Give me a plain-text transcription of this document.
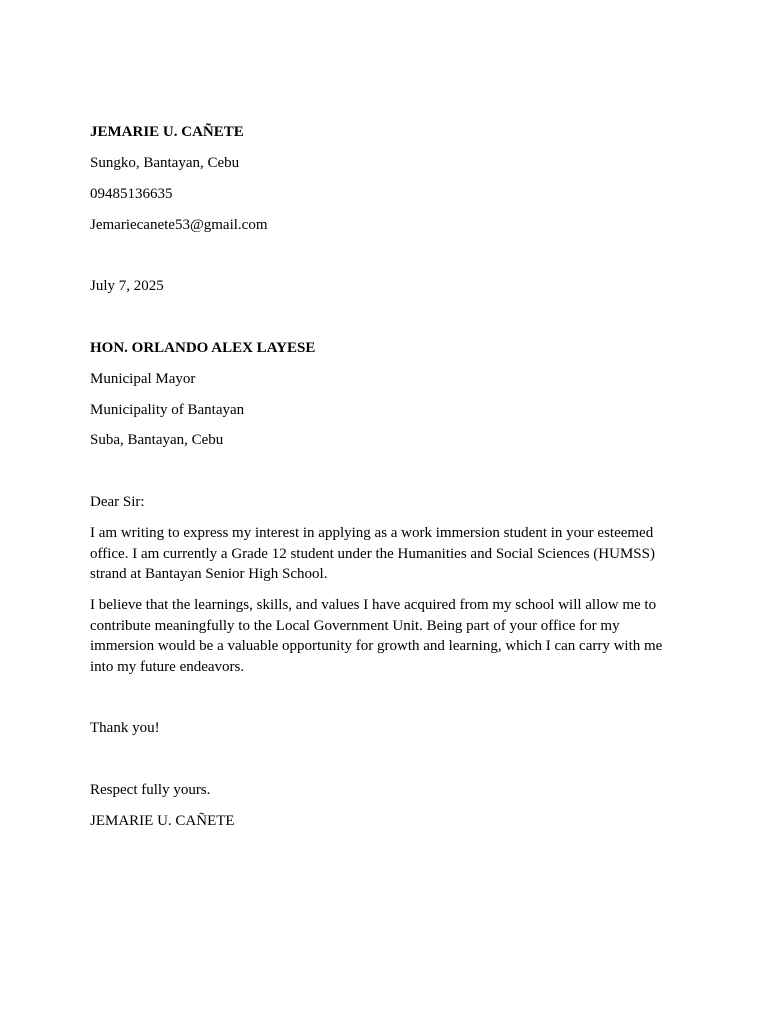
JEMARIE U. CAÑETE
Sungko, Bantayan, Cebu
09485136635
Jemariecanete53@gmail.com
July 7, 2025
HON. ORLANDO ALEX LAYESE
Municipal Mayor
Municipality of Bantayan
Suba, Bantayan, Cebu
Dear Sir:

I am writing to express my interest in applying as a work immersion student in your esteemed office. I am currently a Grade 12 student under the Humanities and Social Sciences (HUMSS) strand at Bantayan Senior High School.

I believe that the learnings, skills, and values I have acquired from my school will allow me to contribute meaningfully to the Local Government Unit. Being part of your office for my immersion would be a valuable opportunity for growth and learning, which I can carry with me into my future endeavors.

Thank you!
Respect fully yours.
JEMARIE U. CAÑETE
